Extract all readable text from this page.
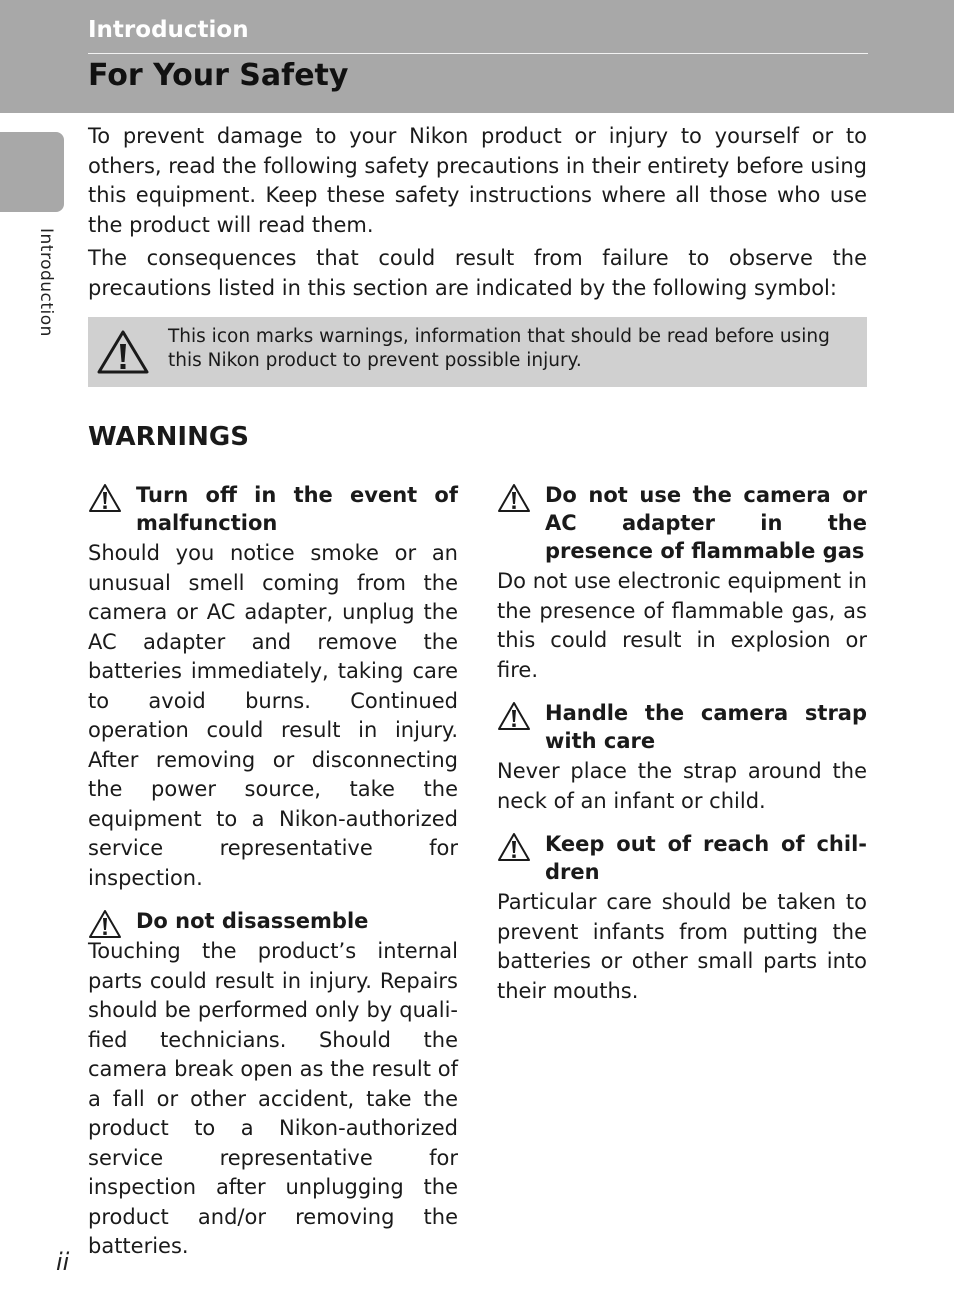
Introduction
For Your Safety
Introduction

To prevent damage to your Nikon product or injury to yourself or to others, read the following safety precautions in their entirety before using this equipment. Keep these safety instructions where all those who use the product will read them.

The consequences that could result from failure to observe the precautions listed in this section are indicated by the following symbol:

This icon marks warnings, information that should be read before using this Nikon product to prevent possible injury.
WARNINGS
Turn off in the event of malfunction

Should you notice smoke or an unusual smell coming from the camera or AC adapter, unplug the AC adapter and remove the batteries immediately, taking care to avoid burns. Continued operation could result in injury. After removing or disconnecting the power source, take the equipment to a Nikon-authorized service representative for inspection.

Do not disassemble

Touching the product’s internal parts could result in injury. Repairs should be performed only by qualified technicians. Should the camera break open as the result of a fall or other accident, take the product to a Nikon-authorized service representative for inspection after unplugging the product and/or removing the batteries.

Do not use the camera or AC adapter in the presence of flammable gas

Do not use electronic equipment in the presence of flammable gas, as this could result in explosion or fire.

Handle the camera strap with care

Never place the strap around the neck of an infant or child.

Keep out of reach of children

Particular care should be taken to prevent infants from putting the batteries or other small parts into their mouths.

ii
